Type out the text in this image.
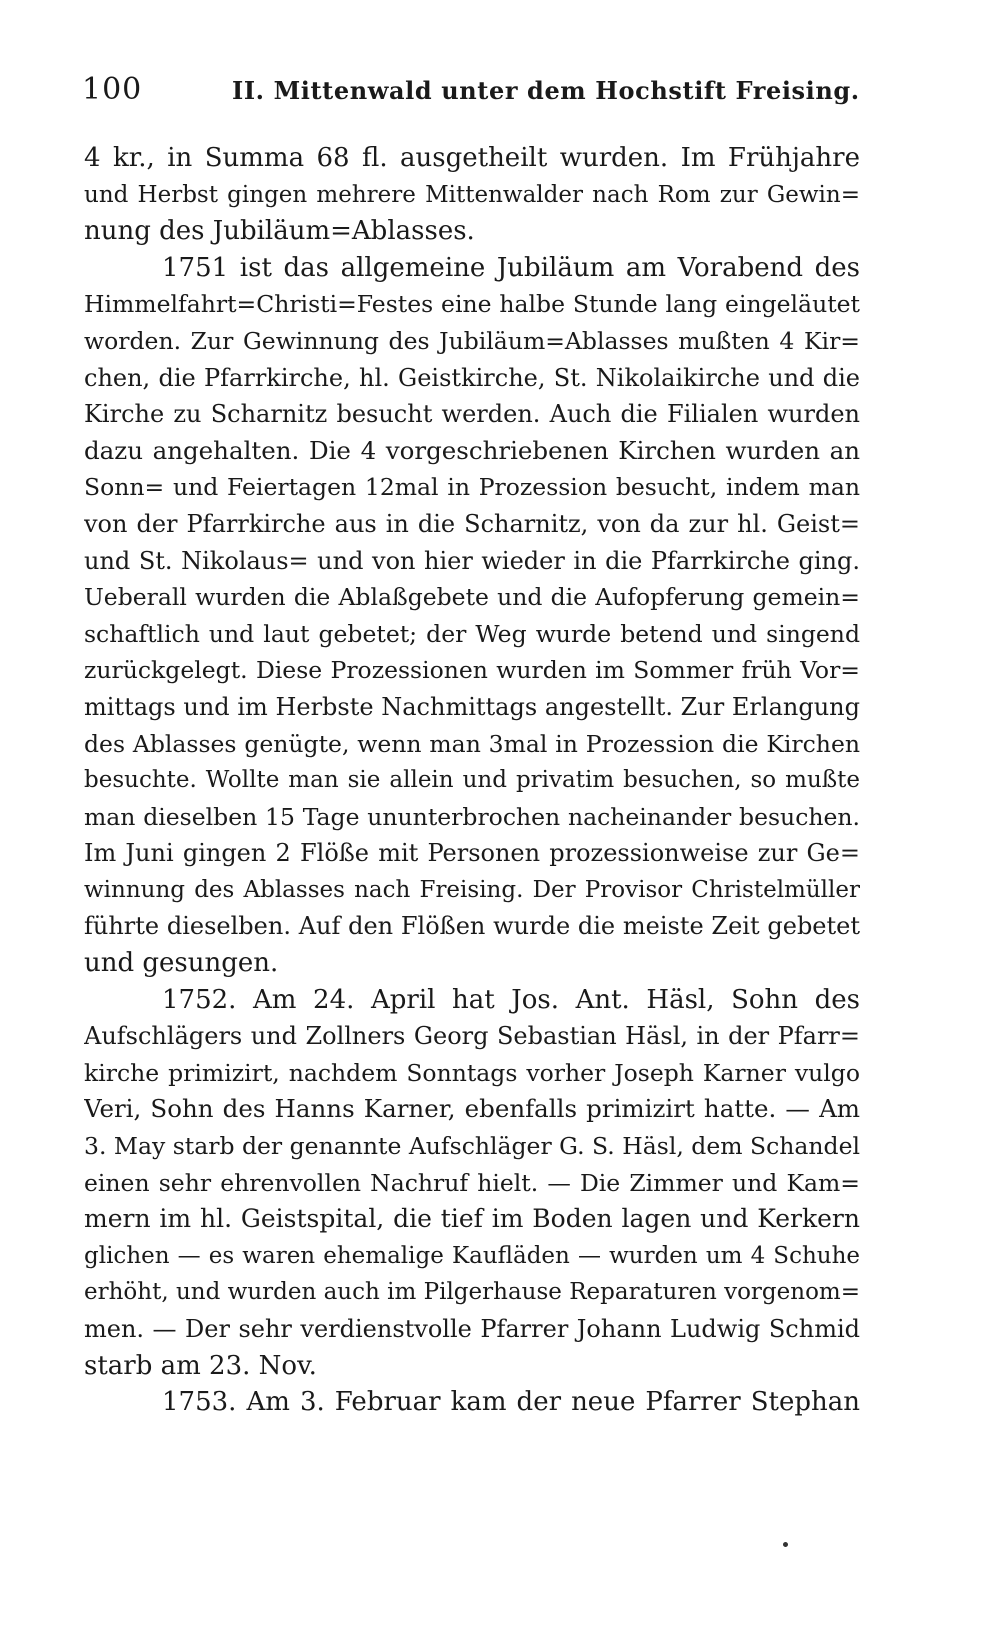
100	II. Mittenwald unter dem Hochstift Freising.
4 kr., in Summa 68 fl. ausgetheilt wurden. Im Frühjahre
und Herbst gingen mehrere Mittenwalder nach Rom zur Gewin=
nung des Jubiläum=Ablasses.
1751 ist das allgemeine Jubiläum am Vorabend des
Himmelfahrt=Christi=Festes eine halbe Stunde lang eingeläutet
worden. Zur Gewinnung des Jubiläum=Ablasses mußten 4 Kir=
chen, die Pfarrkirche, hl. Geistkirche, St. Nikolaikirche und die
Kirche zu Scharnitz besucht werden. Auch die Filialen wurden
dazu angehalten. Die 4 vorgeschriebenen Kirchen wurden an
Sonn= und Feiertagen 12mal in Prozession besucht, indem man
von der Pfarrkirche aus in die Scharnitz, von da zur hl. Geist=
und St. Nikolaus= und von hier wieder in die Pfarrkirche ging.
Ueberall wurden die Ablaßgebete und die Aufopferung gemein=
schaftlich und laut gebetet; der Weg wurde betend und singend
zurückgelegt. Diese Prozessionen wurden im Sommer früh Vor=
mittags und im Herbste Nachmittags angestellt. Zur Erlangung
des Ablasses genügte, wenn man 3mal in Prozession die Kirchen
besuchte. Wollte man sie allein und privatim besuchen, so mußte
man dieselben 15 Tage ununterbrochen nacheinander besuchen.
Im Juni gingen 2 Flöße mit Personen prozessionweise zur Ge=
winnung des Ablasses nach Freising. Der Provisor Christelmüller
führte dieselben. Auf den Flößen wurde die meiste Zeit gebetet
und gesungen.
1752. Am 24. April hat Jos. Ant. Häsl, Sohn des
Aufschlägers und Zollners Georg Sebastian Häsl, in der Pfarr=
kirche primizirt, nachdem Sonntags vorher Joseph Karner vulgo
Veri, Sohn des Hanns Karner, ebenfalls primizirt hatte. — Am
3. May starb der genannte Aufschläger G. S. Häsl, dem Schandel
einen sehr ehrenvollen Nachruf hielt. — Die Zimmer und Kam=
mern im hl. Geistspital, die tief im Boden lagen und Kerkern
glichen — es waren ehemalige Kaufläden — wurden um 4 Schuhe
erhöht, und wurden auch im Pilgerhause Reparaturen vorgenom=
men. — Der sehr verdienstvolle Pfarrer Johann Ludwig Schmid
starb am 23. Nov.
1753. Am 3. Februar kam der neue Pfarrer Stephan
